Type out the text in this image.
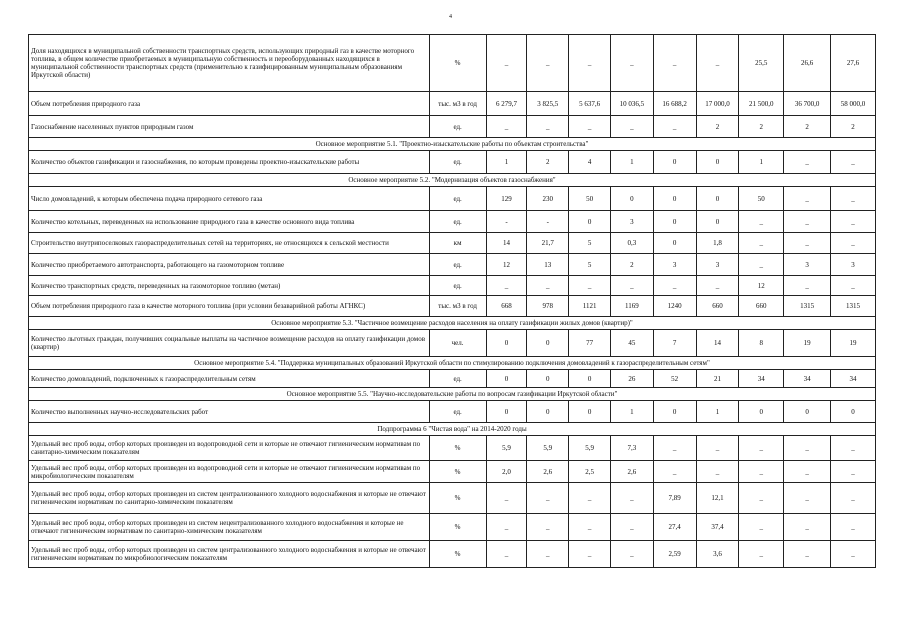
4
Доля находящихся в муниципальной собственности транспортных средств, использующих природный газ в качестве моторного топлива, в общем количестве приобретаемых в муниципальную собственность и переоборудованных находящихся в муниципальной собственности транспортных средств (применительно к газифицированным муниципальным образованиям Иркутской области)	%	_	_	_	_	_	_	25,5	26,6	27,6
Объем потребления природного газа	тыс. м3 в год	6 279,7	3 825,5	5 637,6	10 036,5	16 688,2	17 000,0	21 500,0	36 700,0	58 000,0
Газоснабжение населенных пунктов природным газом	ед.	_	_	_	_	_	2	2	2	2
Основное мероприятие 5.1. "Проектно-изыскательские работы по объектам строительства"										
Количество объектов газификации и газоснабжения, по которым проведены проектно-изыскательские работы	ед.	1	2	4	1	0	0	1	_	_
Основное мероприятие 5.2. "Модернизация объектов газоснабжения"										
Число домовладений, к которым обеспечена подача природного сетевого газа	ед.	129	230	50	0	0	0	50	_	_
Количество котельных, переведенных на использование природного газа в качестве основного вида топлива	ед.	-	-	0	3	0	0	_	_	_
Строительство внутрипоселковых газораспределительных сетей на территориях, не относящихся к сельской местности	км	14	21,7	5	0,3	0	1,8	_	_	_
Количество приобретаемого автотранспорта, работающего на газомоторном топливе	ед.	12	13	5	2	3	3	_	3	3
Количество транспортных средств, переведенных на газомоторное топливо (метан)	ед.	_	_	_	_	_	_	12	_	_
Объем потребления природного газа в качестве моторного топлива (при условии безаварийной работы АГНКС)	тыс. м3 в год	668	978	1121	1169	1240	660	660	1315	1315
Основное мероприятие 5.3. "Частичное возмещение расходов населения на оплату газификации жилых домов (квартир)"										
Количество льготных граждан, получивших социальные выплаты на частичное возмещение расходов на оплату газификации домов (квартир)	чел.	0	0	77	45	7	14	8	19	19
Основное мероприятие 5.4. "Поддержка муниципальных образований Иркутской области по стимулированию подключения домовладений к газораспределительным сетям"										
Количество домовладений, подключенных к газораспределительным сетям	ед.	0	0	0	26	52	21	34	34	34
Основное мероприятие 5.5. "Научно-исследовательские работы по вопросам газификации Иркутской области"										
Количество выполненных научно-исследовательских работ	ед.	0	0	0	1	0	1	0	0	0
Подпрограмма 6 "Чистая вода" на 2014-2020 годы										
Удельный вес проб воды, отбор которых произведен из водопроводной сети и которые не отвечают гигиеническим нормативам по санитарно-химическим показателям	%	5,9	5,9	5,9	7,3	_	_	_	_	_
Удельный вес проб воды, отбор которых произведен из водопроводной сети и которые не отвечают гигиеническим нормативам по микробиологическим показателям	%	2,0	2,6	2,5	2,6	_	_	_	_	_
Удельный вес проб воды, отбор которых произведен из систем централизованного холодного водоснабжения и которые не отвечают гигиеническим нормативам по санитарно-химическим показателям	%	_	_	_	_	7,89	12,1	_	_	_
Удельный вес проб воды, отбор которых произведен из систем нецентрализованного холодного водоснабжения и которые не отвечают гигиеническим нормативам по санитарно-химическим показателям	%	_	_	_	_	27,4	37,4	_	_	_
Удельный вес проб воды, отбор которых произведен из систем централизованного холодного водоснабжения и которые не отвечают гигиеническим нормативам по микробиологическим показателям	%	_	_	_	_	2,59	3,6	_	_	_
